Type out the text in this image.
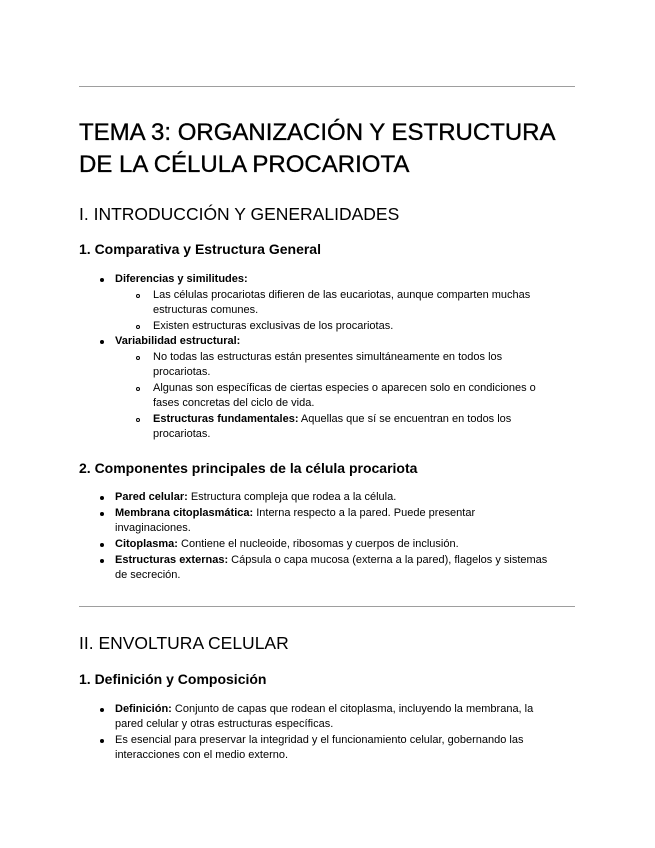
TEMA 3: ORGANIZACIÓN Y ESTRUCTURA
DE LA CÉLULA PROCARIOTA
I. INTRODUCCIÓN Y GENERALIDADES
1. Comparativa y Estructura General
Diferencias y similitudes:
Las células procariotas difieren de las eucariotas, aunque comparten muchas
estructuras comunes.
Existen estructuras exclusivas de los procariotas.
Variabilidad estructural:
No todas las estructuras están presentes simultáneamente en todos los
procariotas.
Algunas son específicas de ciertas especies o aparecen solo en condiciones o
fases concretas del ciclo de vida.
Estructuras fundamentales: Aquellas que sí se encuentran en todos los
procariotas.
2. Componentes principales de la célula procariota
Pared celular: Estructura compleja que rodea a la célula.
Membrana citoplasmática: Interna respecto a la pared. Puede presentar
invaginaciones.
Citoplasma: Contiene el nucleoide, ribosomas y cuerpos de inclusión.
Estructuras externas: Cápsula o capa mucosa (externa a la pared), flagelos y sistemas
de secreción.
II. ENVOLTURA CELULAR
1. Definición y Composición
Definición: Conjunto de capas que rodean el citoplasma, incluyendo la membrana, la
pared celular y otras estructuras específicas.
Es esencial para preservar la integridad y el funcionamiento celular, gobernando las
interacciones con el medio externo.
